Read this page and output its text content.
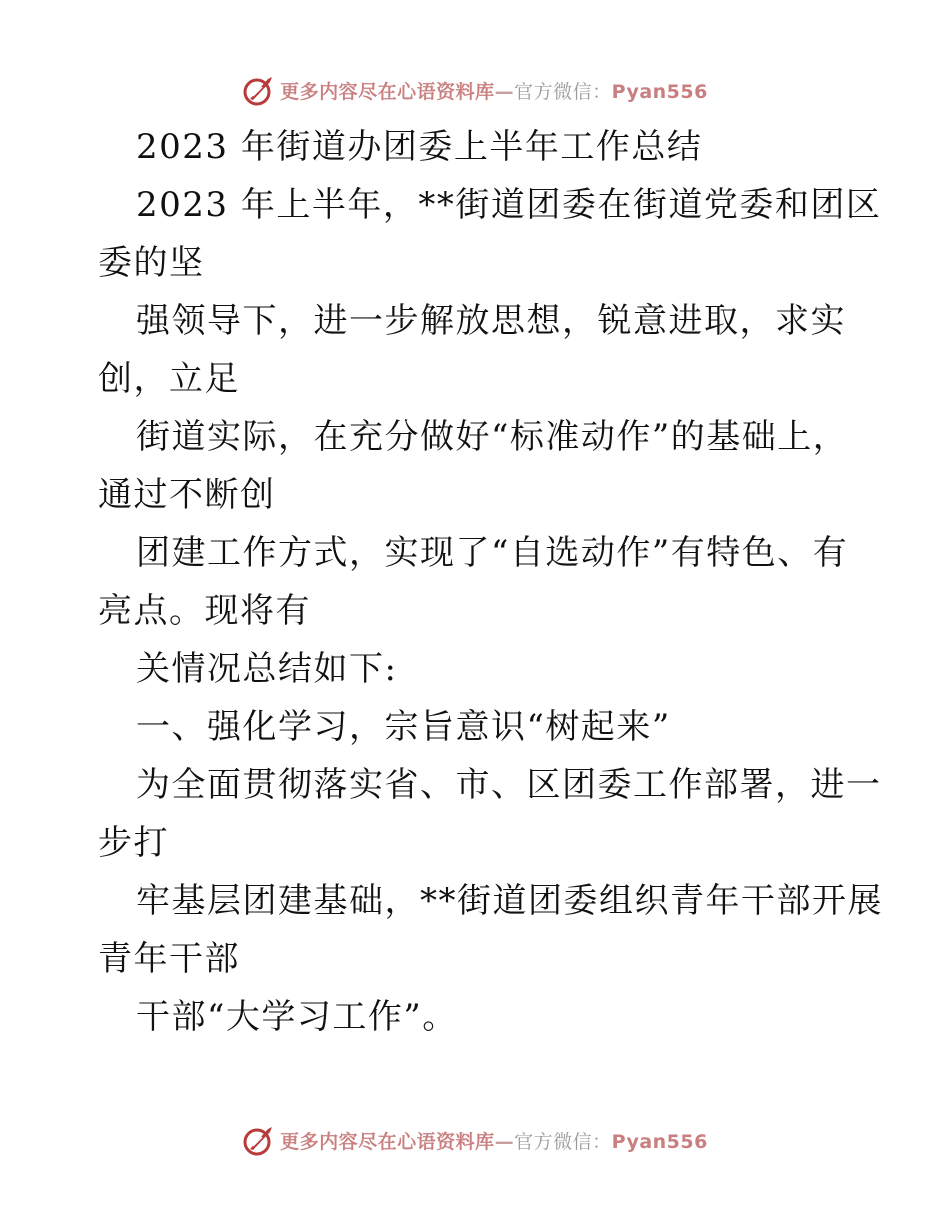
更多内容尽在心语资料库—官方微信：Pyan556
2023 年街道办团委上半年工作总结
2023 年上半年，**街道团委在街道党委和团区
委的坚
强领导下，进一步解放思想，锐意进取，求实
创，立足
街道实际，在充分做好“标准动作”的基础上，
通过不断创
团建工作方式，实现了“自选动作”有特色、有
亮点。现将有
关情况总结如下:
一、强化学习，宗旨意识“树起来”
为全面贯彻落实省、市、区团委工作部署，进一
步打
牢基层团建基础，**街道团委组织青年干部开展
青年干部
干部“大学习工作”。
更多内容尽在心语资料库—官方微信：Pyan556
